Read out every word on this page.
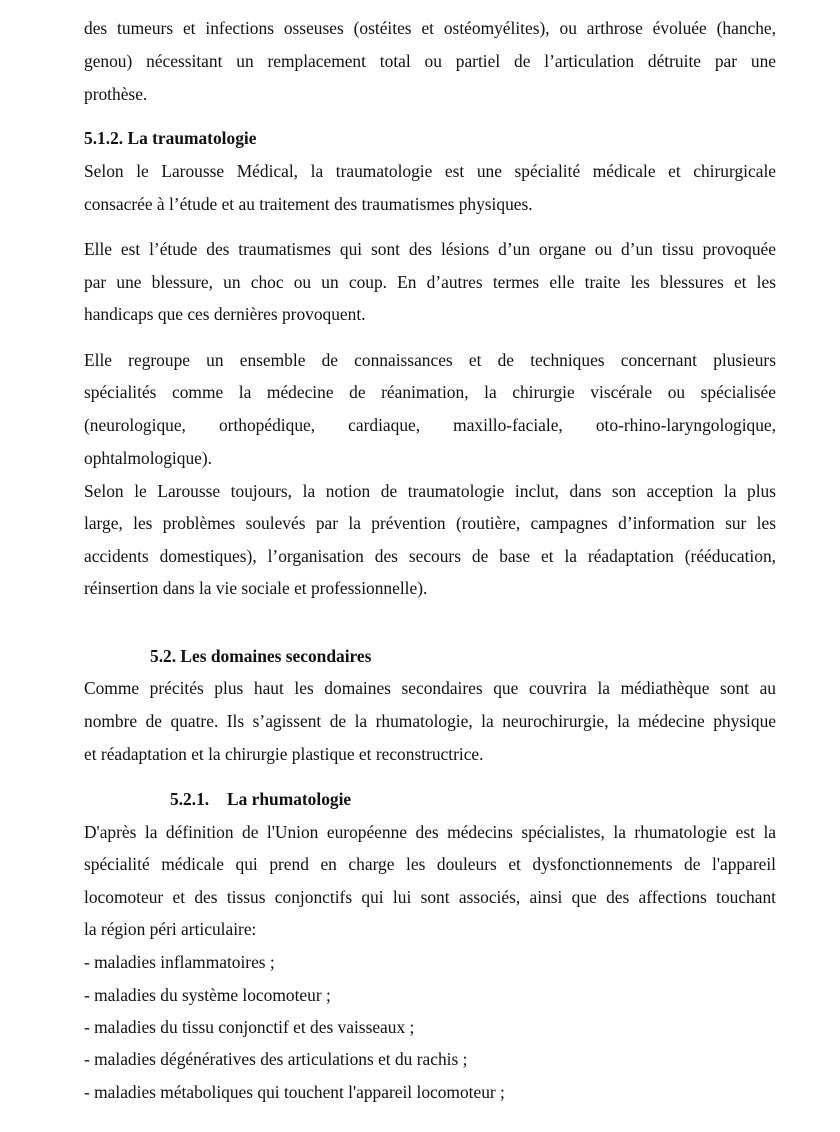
des tumeurs et infections osseuses (ostéites et ostéomyélites), ou arthrose évoluée (hanche,

genou) nécessitant un remplacement total ou partiel de l’articulation détruite par une

prothèse.

5.1.2. La traumatologie

Selon le Larousse Médical, la traumatologie est une spécialité médicale et chirurgicale

consacrée à l’étude et au traitement des traumatismes physiques.

Elle est l’étude des traumatismes qui sont des lésions d’un organe ou d’un tissu provoquée

par une blessure, un choc ou un coup. En d’autres termes elle traite les blessures et les

handicaps que ces dernières provoquent.

Elle regroupe un ensemble de connaissances et de techniques concernant plusieurs

spécialités comme la médecine de réanimation, la chirurgie viscérale ou spécialisée

(neurologique, orthopédique, cardiaque, maxillo-faciale, oto-rhino-laryngologique,

ophtalmologique).

Selon le Larousse toujours, la notion de traumatologie inclut, dans son acception la plus

large, les problèmes soulevés par la prévention (routière, campagnes d’information sur les

accidents domestiques), l’organisation des secours de base et la réadaptation (rééducation,

réinsertion dans la vie sociale et professionnelle).

5.2. Les domaines secondaires

Comme précités plus haut les domaines secondaires que couvrira la médiathèque sont au

nombre de quatre. Ils s’agissent de la rhumatologie, la neurochirurgie, la médecine physique

et réadaptation et la chirurgie plastique et reconstructrice.

5.2.1. La rhumatologie

D'après la définition de l'Union européenne des médecins spécialistes, la rhumatologie est la

spécialité médicale qui prend en charge les douleurs et dysfonctionnements de l'appareil

locomoteur et des tissus conjonctifs qui lui sont associés, ainsi que des affections touchant

la région péri articulaire:

- maladies inflammatoires ;

- maladies du système locomoteur ;

- maladies du tissu conjonctif et des vaisseaux ;

- maladies dégénératives des articulations et du rachis ;

- maladies métaboliques qui touchent l'appareil locomoteur ;
